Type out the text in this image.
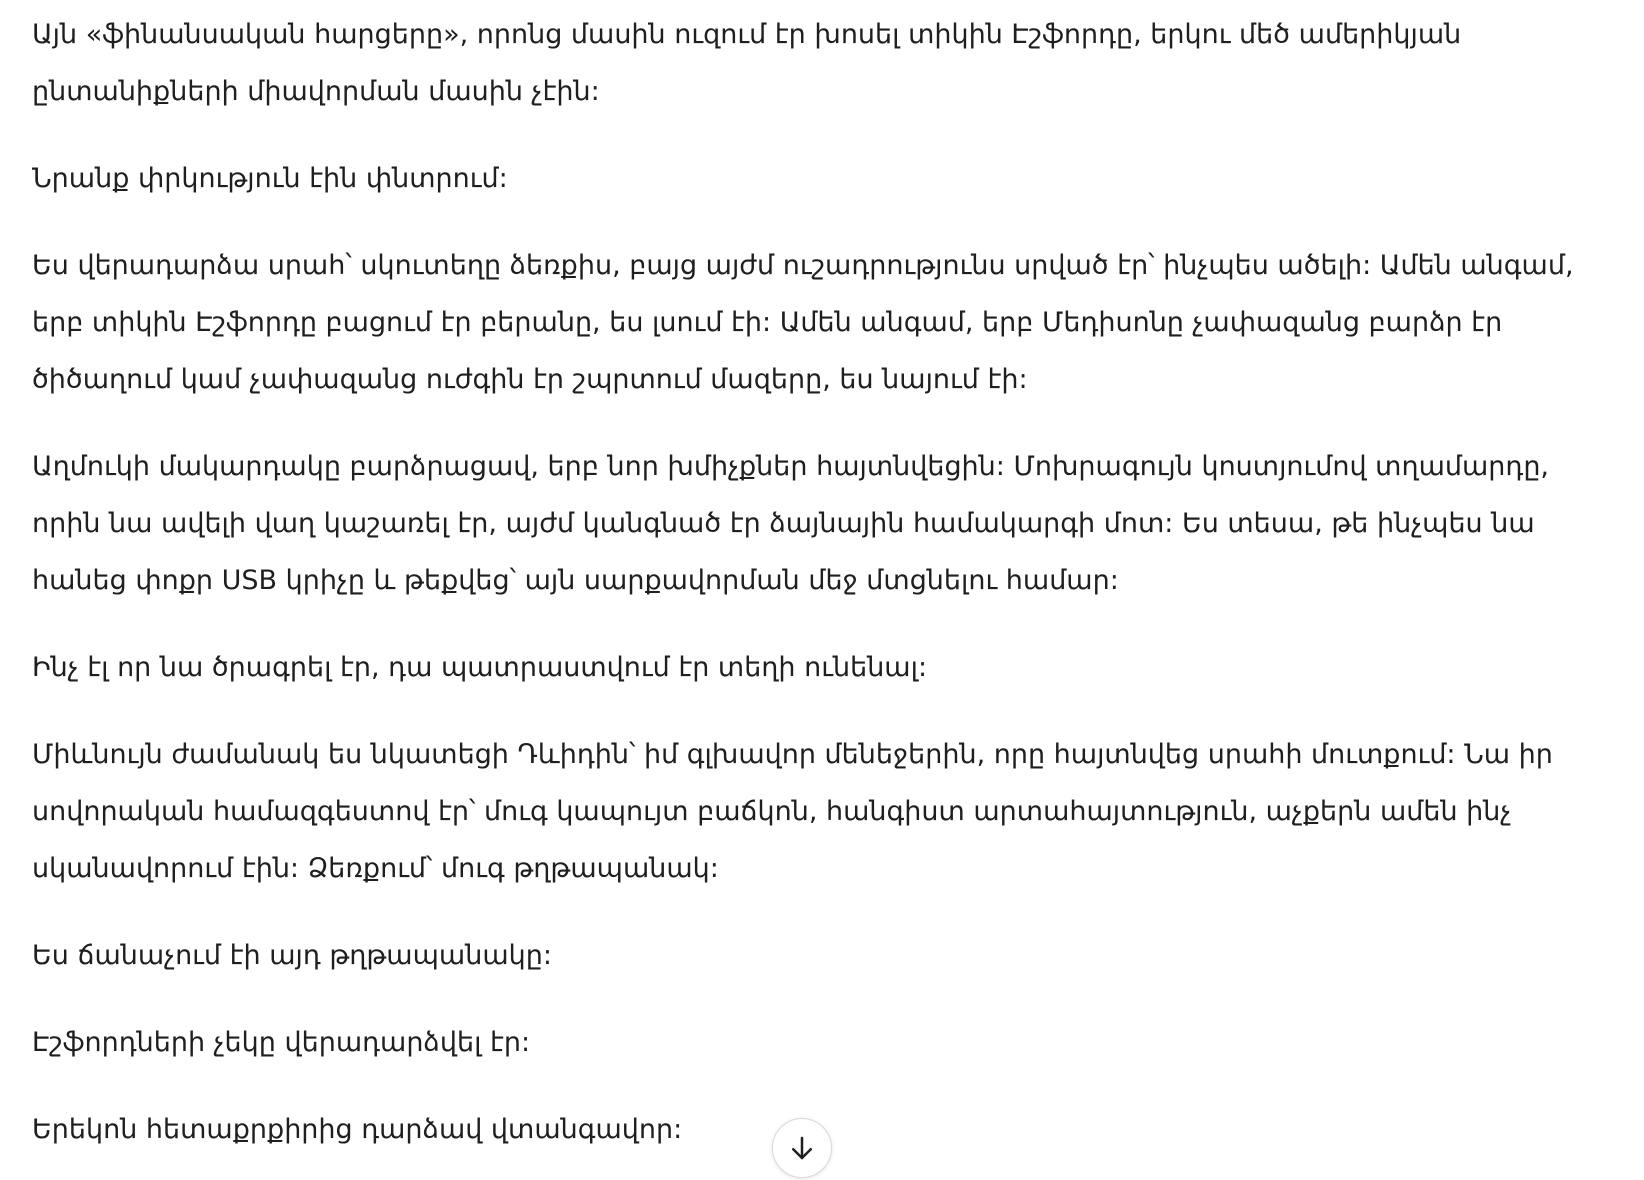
Այն «ֆինանսական հարցերը», որոնց մասին ուզում էր խոսել տիկին Էշֆորդը, երկու մեծ ամերիկյան ընտանիքների միավորման մասին չէին:

Նրանք փրկություն էին փնտրում:

Ես վերադարձա սրահ՝ սկուտեղը ձեռքիս, բայց այժմ ուշադրությունս սրված էր՝ ինչպես ածելի: Ամեն անգամ, երբ տիկին Էշֆորդը բացում էր բերանը, ես լսում էի: Ամեն անգամ, երբ Մեդիսոնը չափազանց բարձր էր ծիծաղում կամ չափազանց ուժգին էր շպրտում մազերը, ես նայում էի:

Աղմուկի մակարդակը բարձրացավ, երբ նոր խմիչքներ հայտնվեցին: Մոխրագույն կոստյումով տղամարդը, որին նա ավելի վաղ կաշառել էր, այժմ կանգնած էր ձայնային համակարգի մոտ: Ես տեսա, թե ինչպես նա հանեց փոքր USB կրիչը և թեքվեց՝ այն սարքավորման մեջ մտցնելու համար:

Ինչ էլ որ նա ծրագրել էր, դա պատրաստվում էր տեղի ունենալ:

Միևնույն ժամանակ ես նկատեցի Դևիդին՝ իմ գլխավոր մենեջերին, որը հայտնվեց սրահի մուտքում: Նա իր սովորական համազգեստով էր՝ մուգ կապույտ բաճկոն, հանգիստ արտահայտություն, աչքերն ամեն ինչ սկանավորում էին: Ձեռքում՝ մուգ թղթապանակ:

Ես ճանաչում էի այդ թղթապանակը:

Էշֆորդների չեկը վերադարձվել էր:

Երեկոն հետաքրքիրից դարձավ վտանգավոր:
